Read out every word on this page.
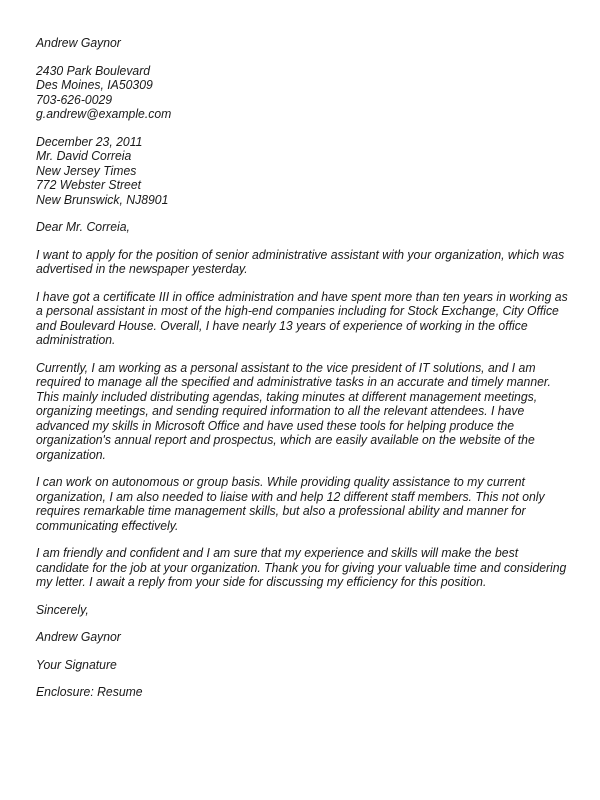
Andrew Gaynor
2430 Park Boulevard
Des Moines, IA50309
703-626-0029
g.andrew@example.com
December 23, 2011
Mr. David Correia
New Jersey Times
772 Webster Street
New Brunswick, NJ8901
Dear Mr. Correia,
I want to apply for the position of senior administrative assistant with your organization, which was
advertised in the newspaper yesterday.
I have got a certificate III in office administration and have spent more than ten years in working as
a personal assistant in most of the high-end companies including for Stock Exchange, City Office
and Boulevard House. Overall, I have nearly 13 years of experience of working in the office
administration.
Currently, I am working as a personal assistant to the vice president of IT solutions, and I am
required to manage all the specified and administrative tasks in an accurate and timely manner.
This mainly included distributing agendas, taking minutes at different management meetings,
organizing meetings, and sending required information to all the relevant attendees. I have
advanced my skills in Microsoft Office and have used these tools for helping produce the
organization's annual report and prospectus, which are easily available on the website of the
organization.
I can work on autonomous or group basis. While providing quality assistance to my current
organization, I am also needed to liaise with and help 12 different staff members. This not only
requires remarkable time management skills, but also a professional ability and manner for
communicating effectively.
I am friendly and confident and I am sure that my experience and skills will make the best
candidate for the job at your organization. Thank you for giving your valuable time and considering
my letter. I await a reply from your side for discussing my efficiency for this position.
Sincerely,
Andrew Gaynor
Your Signature
Enclosure: Resume
